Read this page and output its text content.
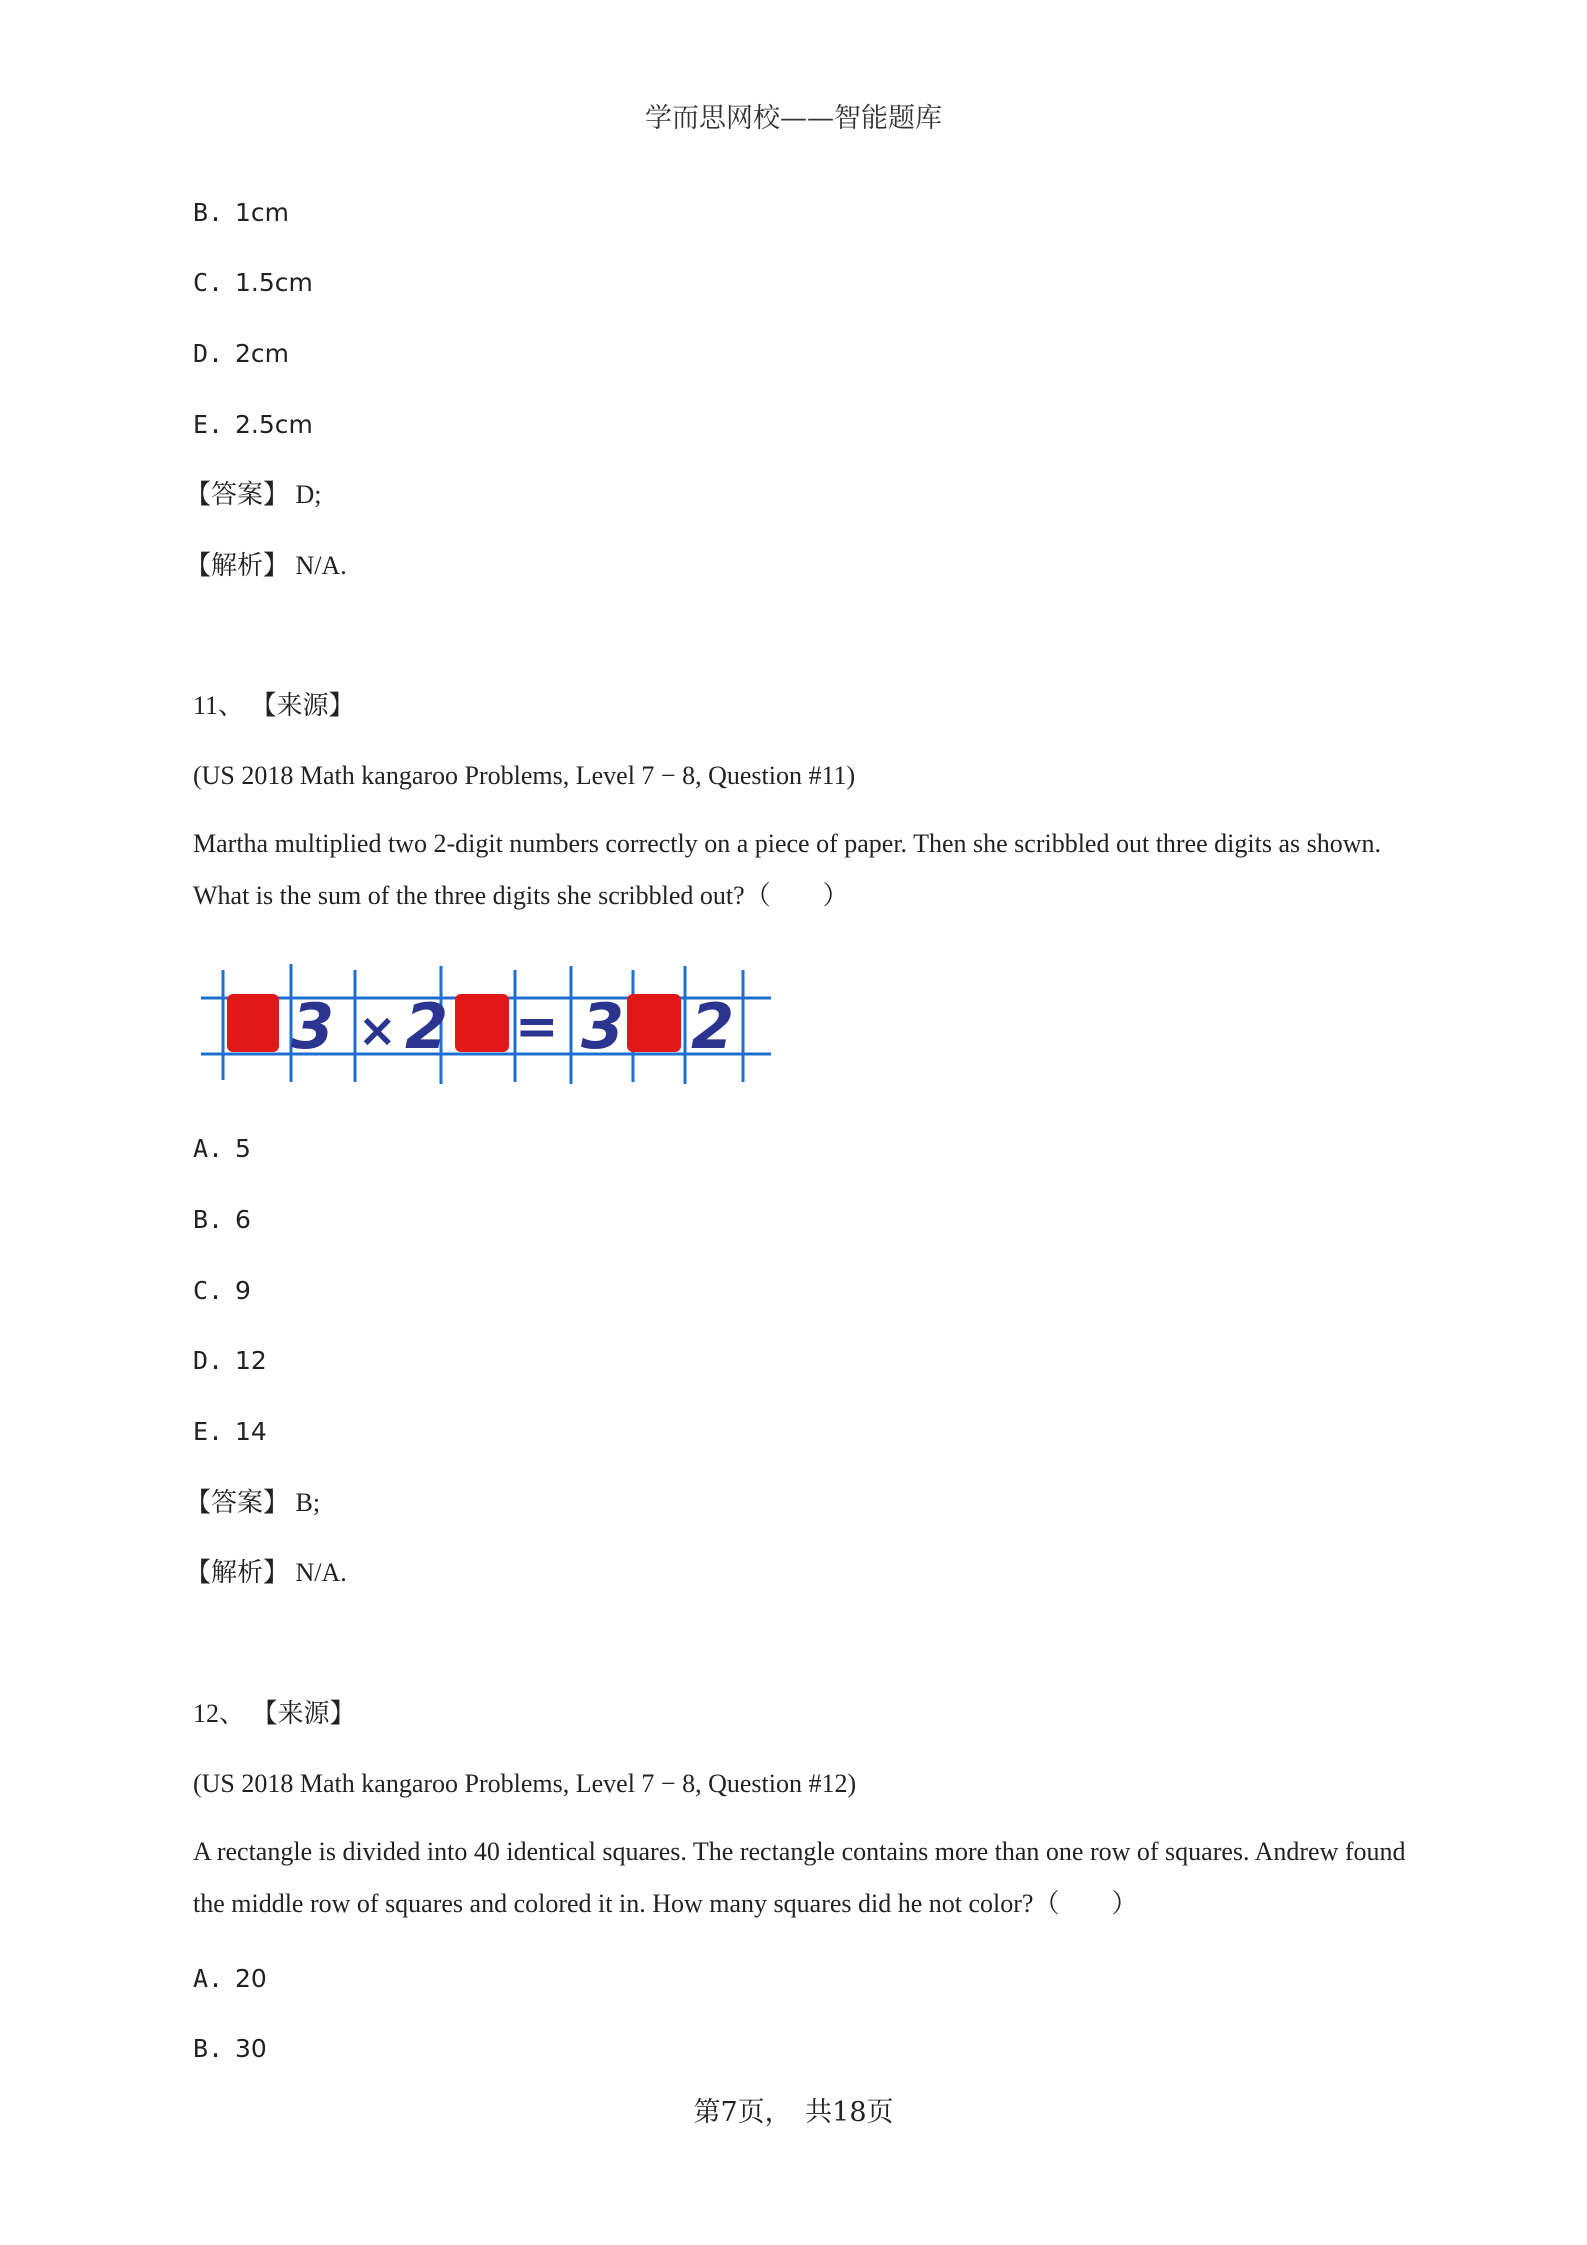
学而思网校——智能题库
B. 1cm
C. 1.5cm
D. 2cm
E. 2.5cm
【答案】 D;
【解析】 N/A.
11、 【来源】
(US 2018 Math kangaroo Problems, Level 7 − 8, Question #11)
Martha multiplied two 2-digit numbers correctly on a piece of paper. Then she scribbled out three digits as shown. What is the sum of the three digits she scribbled out?（　　）
3 × 2 = 3 2
A. 5
B. 6
C. 9
D. 12
E. 14
【答案】 B;
【解析】 N/A.
12、 【来源】
(US 2018 Math kangaroo Problems, Level 7 − 8, Question #12)
A rectangle is divided into 40 identical squares. The rectangle contains more than one row of squares. Andrew found the middle row of squares and colored it in. How many squares did he not color?（　　）
A. 20
B. 30
第7页，　共18页
